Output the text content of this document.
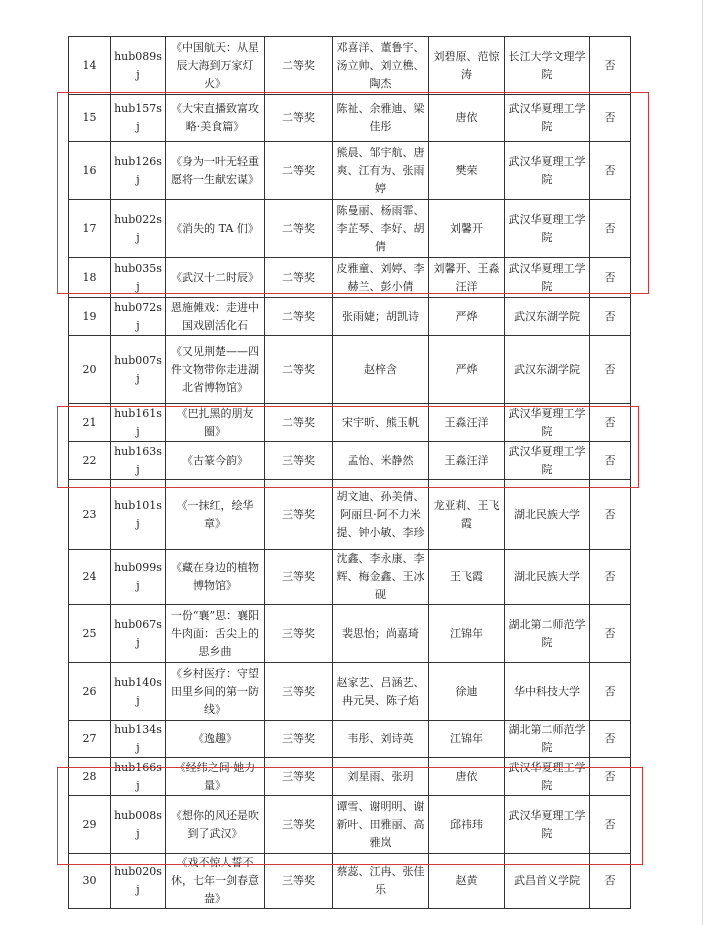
14	hub089sj	《中国航天：从星辰大海到万家灯火》	二等奖	邓喜洋、董鲁宇、汤立帅、刘立樵、陶杰	刘碧原、范惊涛	长江大学文理学院	否
15	hub157sj	《大宋直播致富攻略·美食篇》	二等奖	陈祉、余雅迪、梁佳彤	唐依	武汉华夏理工学院	否
16	hub126sj	《身为一叶无轻重愿将一生献宏谋》	二等奖	熊晨、邹宇航、唐爽、江有为、张雨婷	樊荣	武汉华夏理工学院	否
17	hub022sj	《消失的 TA 们》	二等奖	陈曼丽、杨雨霏、李芷琴、李好、胡倩	刘馨开	武汉华夏理工学院	否
18	hub035sj	《武汉十二时辰》	二等奖	皮雅童、刘婷、李赫兰、彭小倩	刘馨开、王淼汪洋	武汉华夏理工学院	否
19	hub072sj	恩施傩戏：走进中国戏剧活化石	二等奖	张雨婕；胡凯诗	严烨	武汉东湖学院	否
20	hub007sj	《又见荆楚——四件文物带你走进湖北省博物馆》	二等奖	赵梓含	严烨	武汉东湖学院	否
21	hub161sj	《巴扎黑的朋友圈》	二等奖	宋宇昕、熊玉帆	王淼汪洋	武汉华夏理工学院	否
22	hub163sj	《古篆今韵》	三等奖	孟怡、米静然	王淼汪洋	武汉华夏理工学院	否
23	hub101sj	《一抹红，绘华章》	三等奖	胡文迪、孙美倩、阿丽旦·阿不力米提、钟小敏、李珍	龙亚莉、王飞霞	湖北民族大学	否
24	hub099sj	《藏在身边的植物博物馆》	三等奖	沈鑫、李永康、李辉、梅金鑫、王冰砚	王飞霞	湖北民族大学	否
25	hub067sj	一份“襄”思：襄阳牛肉面：舌尖上的思乡曲	三等奖	裴思怡；尚嘉琦	江锦年	湖北第二师范学院	否
26	hub140sj	《乡村医疗：守望田里乡间的第一防线》	三等奖	赵家艺、吕涵艺、冉元昊、陈子焰	徐迪	华中科技大学	否
27	hub134sj	《逸趣》	三等奖	韦彤、刘诗英	江锦年	湖北第二师范学院	否
28	hub166sj	《经纬之间·她力量》	三等奖	刘星雨、张玥	唐依	武汉华夏理工学院	否
29	hub008sj	《想你的风还是吹到了武汉》	三等奖	谭雪、谢明明、谢新叶、田雅丽、高雅岚	邱祎玮	武汉华夏理工学院	否
30	hub020sj	《戏不惊人誓不休，七年一剑春意盎》	三等奖	蔡蕊、江冉、张佳乐	赵黄	武昌首义学院	否
